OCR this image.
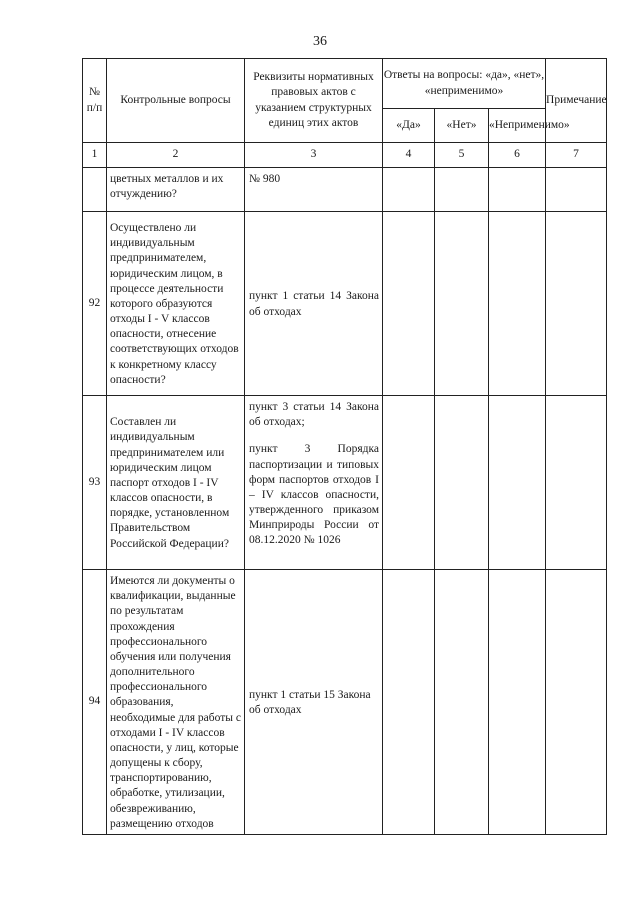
36
№ п/п	Контрольные вопросы	Реквизиты нормативных правовых актов с указанием структурных единиц этих актов	Ответы на вопросы: «да», «нет», «неприменимо»			Примечание
			«Да»	«Нет»	«Неприменимо»	
1	2	3	4	5	6	7
	цветных металлов и их отчуждению?	№ 980				

92	Осуществлено ли индивидуальным предпринимателем, юридическим лицом, в процессе деятельности которого образуются отходы I - V классов опасности, отнесение соответствующих отходов к конкретному классу опасности?	пункт 1 статьи 14 Закона об отходах				

93	Составлен ли индивидуальным предпринимателем или юридическим лицом паспорт отходов I - IV классов опасности, в порядке, установленном Правительством Российской Федерации?	пункт 3 статьи 14 Закона об отходах;
пункт 3 Порядка паспортизации и типовых форм паспортов отходов I – IV классов опасности, утвержденного приказом Минприроды России от 08.12.2020 № 1026				

94	Имеются ли документы о квалификации, выданные по результатам прохождения профессионального обучения или получения дополнительного профессионального образования, необходимые для работы с отходами I - IV классов опасности, у лиц, которые допущены к сбору, транспортированию, обработке, утилизации, обезвреживанию, размещению отходов	пункт 1 статьи 15 Закона об отходах				
